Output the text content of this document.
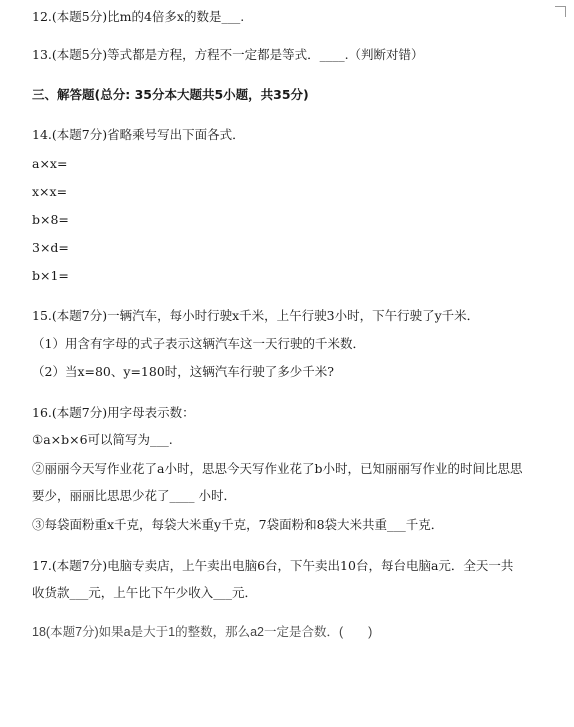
12.(本题5分)比m的4倍多x的数是___.
13.(本题5分)等式都是方程，方程不一定都是等式．____.（判断对错）
三、解答题(总分: 35分本大题共5小题，共35分)
14.(本题7分)省略乘号写出下面各式．
a×x=
x×x=
b×8=
3×d=
b×1=
15.(本题7分)一辆汽车，每小时行驶x千米，上午行驶3小时，下午行驶了y千米．
（1）用含有字母的式子表示这辆汽车这一天行驶的千米数．
（2）当x=80、y=180时，这辆汽车行驶了多少千米?
16.(本题7分)用字母表示数：
①a×b×6可以简写为___.
②丽丽今天写作业花了a小时，思思今天写作业花了b小时，已知丽丽写作业的时间比思思
要少，丽丽比思思少花了____ 小时．
③每袋面粉重x千克，每袋大米重y千克，7袋面粉和8袋大米共重___千克．
17.(本题7分)电脑专卖店，上午卖出电脑6台，下午卖出10台，每台电脑a元．全天一共
收货款___元，上午比下午少收入___元．
18(本题7分)如果a是大于1的整数，那么a2一定是合数．(　　)
